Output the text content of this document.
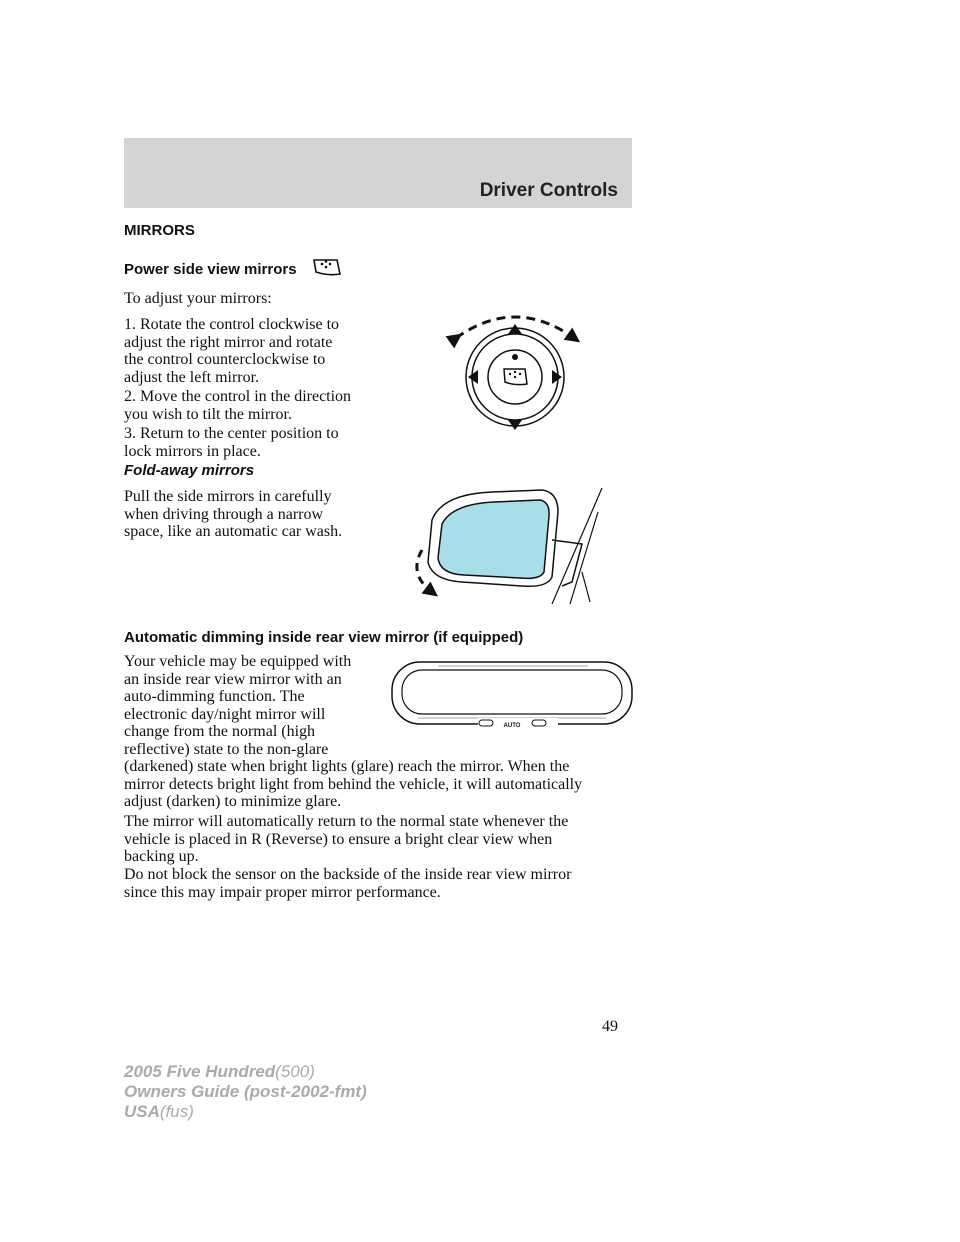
Driver Controls
MIRRORS
Power side view mirrors

To adjust your mirrors:

1. Rotate the control clockwise to

adjust the right mirror and rotate

the control counterclockwise to

adjust the left mirror.

2. Move the control in the direction

you wish to tilt the mirror.

3. Return to the center position to

lock mirrors in place.

Fold-away mirrors

Pull the side mirrors in carefully

when driving through a narrow

space, like an automatic car wash.

Automatic dimming inside rear view mirror (if equipped)

Your vehicle may be equipped with

an inside rear view mirror with an

auto-dimming function. The

electronic day/night mirror will

change from the normal (high

reflective) state to the non-glare

(darkened) state when bright lights (glare) reach the mirror. When the

mirror detects bright light from behind the vehicle, it will automatically

adjust (darken) to minimize glare.

AUTO

The mirror will automatically return to the normal state whenever the

vehicle is placed in R (Reverse) to ensure a bright clear view when

backing up.

Do not block the sensor on the backside of the inside rear view mirror

since this may impair proper mirror performance.

49
2005 Five Hundred(500)
Owners Guide (post-2002-fmt)
USA(fus)
